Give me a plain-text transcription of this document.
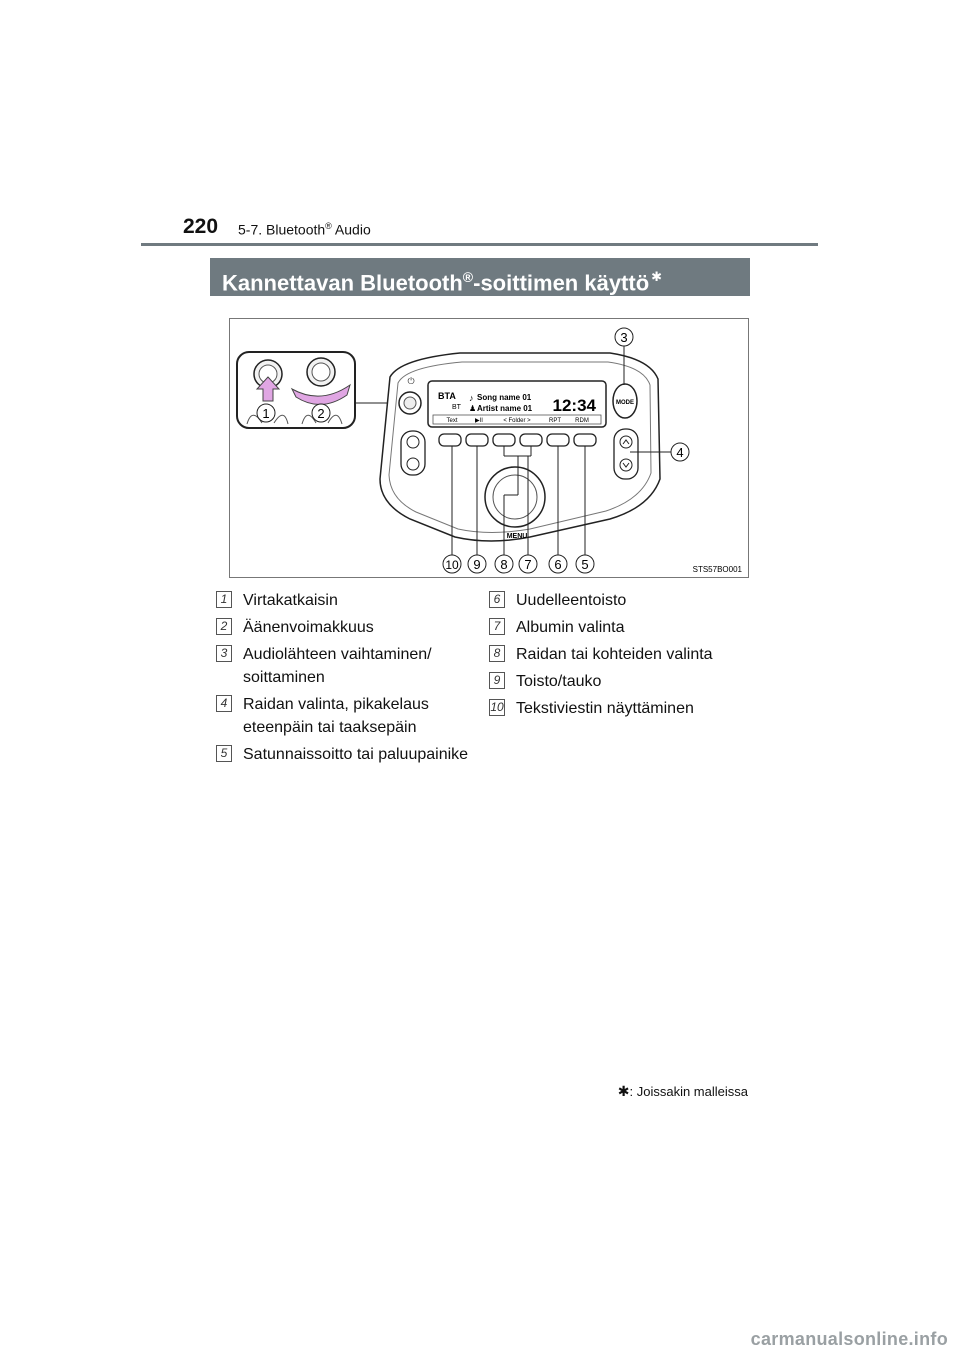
220 5-7. Bluetooth® Audio
Kannettavan Bluetooth®-soittimen käyttö ✱
1	2
⏻
BTA
BT
♪ Song name 01
♟ Artist name 01 12:34
Text	▶II	< Folder >	RPT RDM
MODE
3
4
MENU
10 9 8 7 6 5	STS57BO001
1 Virtakatkaisin
2 Äänenvoimakkuus
3 Audiolähteen vaihtaminen/ soittaminen
4 Raidan valinta, pikakelaus eteenpäin tai taaksepäin
5 Satunnaissoitto tai paluupainike
6 Uudelleentoisto
7 Albumin valinta
8 Raidan tai kohteiden valinta
9 Toisto/tauko
10 Tekstiviestin näyttäminen
✱: Joissakin malleissa
carmanualsonline.info
